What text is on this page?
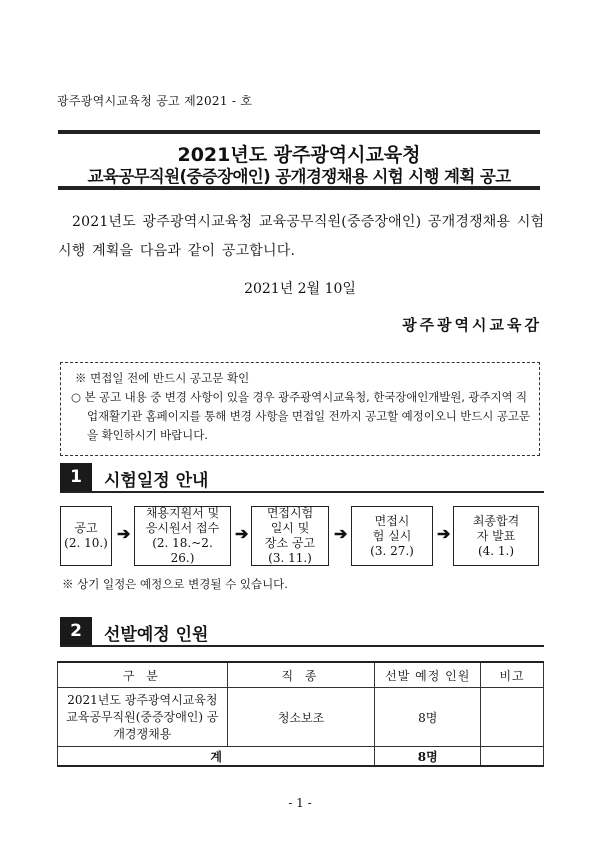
광주광역시교육청 공고 제2021 - 호
2021년도 광주광역시교육청
교육공무직원(중증장애인) 공개경쟁채용 시험 시행 계획 공고
2021년도 광주광역시교육청 교육공무직원(중증장애인) 공개경쟁채용 시험 시행 계획을 다음과 같이 공고합니다.
2021년 2월 10일
광주광역시교육감
※ 면접일 전에 반드시 공고문 확인
○ 본 공고 내용 중 변경 사항이 있을 경우 광주광역시교육청, 한국장애인개발원, 광주지역 직업재활기관 홈페이지를 통해 변경 사항을 면접일 전까지 공고할 예정이오니 반드시 공고문을 확인하시기 바랍니다.
1	시험일정 안내
공고
(2. 10.) ➔
채용지원서 및 응시원서 접수
(2. 18.~2. 26.)
➔
면접시험 일시 및 장소 공고
(3. 11.)
➔
면접시험 실시
(3. 27.)
➔
최종합격자 발표
(4. 1.)
※ 상기 일정은 예정으로 변경될 수 있습니다.
2	선발예정 인원
구 분	직 종	선발 예정 인원	비고
2021년도 광주광역시교육청 교육공무직원(중증장애인) 공개경쟁채용	청소보조	8명	
계		8명	
- 1 -
